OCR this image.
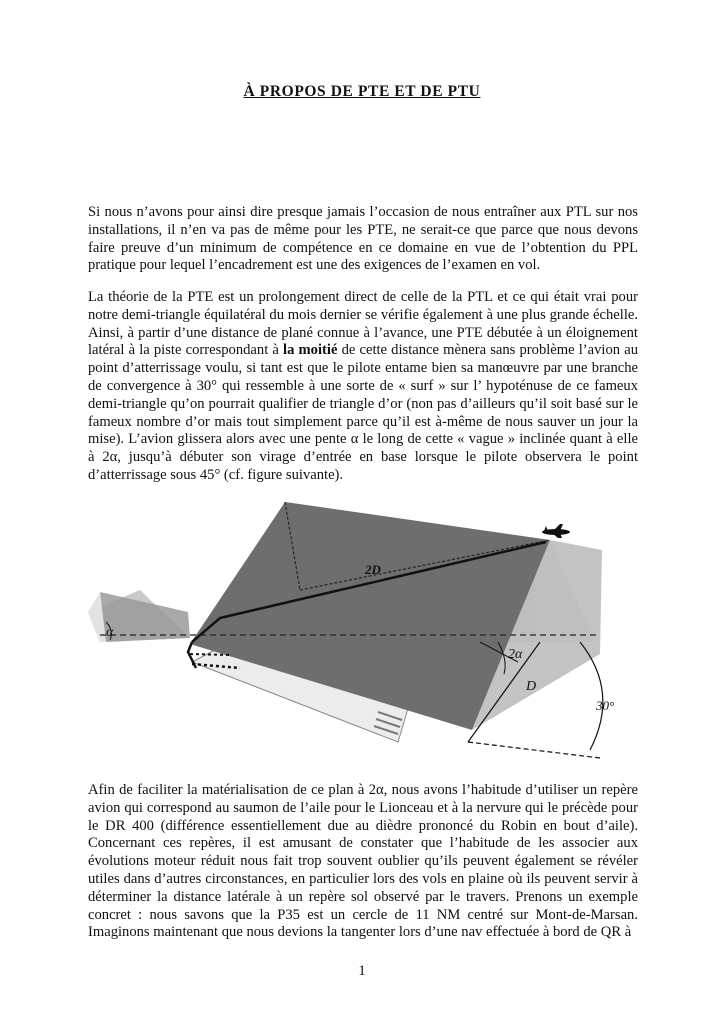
À PROPOS DE PTE ET DE PTU

Si nous n’avons pour ainsi dire presque jamais l’occasion de nous entraîner aux PTL sur nos installations, il n’en va pas de même pour les PTE, ne serait-ce que parce que nous devons faire preuve d’un minimum de compétence en ce domaine en vue de l’obtention du PPL pratique pour lequel l’encadrement est une des exigences de l’examen en vol.

La théorie de la PTE est un prolongement direct de celle de la PTL et ce qui était vrai pour notre demi-triangle équilatéral du mois dernier se vérifie également à une plus grande échelle. Ainsi, à partir d’une distance de plané connue à l’avance, une PTE débutée à un éloignement latéral à la piste correspondant à la moitié de cette distance mènera sans problème l’avion au point d’atterrissage voulu, si tant est que le pilote entame bien sa manœuvre par une branche de convergence à 30° qui ressemble à une sorte de « surf » sur l’ hypoténuse de ce fameux demi-triangle qu’on pourrait qualifier de triangle d’or (non pas d’ailleurs qu’il soit basé sur le fameux nombre d’or mais tout simplement parce qu’il est à-même de nous sauver un jour la mise). L’avion glissera alors avec une pente α le long de cette « vague » inclinée quant à elle à 2α, jusqu’à débuter son virage d’entrée en base lorsque le pilote observera le point d’atterrissage sous 45° (cf. figure suivante).

2D
α
2α
D
30°

Afin de faciliter la matérialisation de ce plan à 2α, nous avons l’habitude d’utiliser un repère avion qui correspond au saumon de l’aile pour le Lionceau et à la nervure qui le précède pour le DR 400 (différence essentiellement due au dièdre prononcé du Robin en bout d’aile). Concernant ces repères, il est amusant de constater que l’habitude de les associer aux évolutions moteur réduit nous fait trop souvent oublier qu’ils peuvent également se révéler utiles dans d’autres circonstances, en particulier lors des vols en plaine où ils peuvent servir à déterminer la distance latérale à un repère sol observé par le travers. Prenons un exemple concret : nous savons que la P35 est un cercle de 11 NM centré sur Mont-de-Marsan. Imaginons maintenant que nous devions la tangenter lors d’une nav effectuée à bord de QR à

1
